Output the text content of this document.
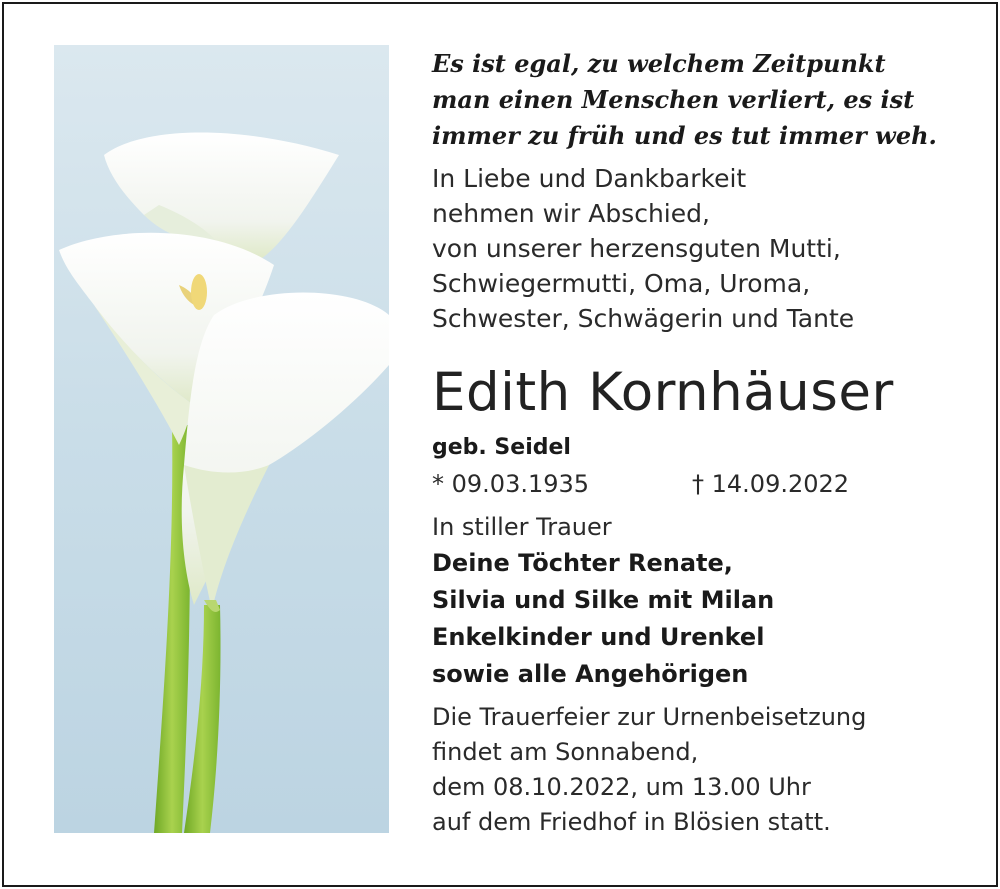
Es ist egal, zu welchem Zeitpunkt
man einen Menschen verliert, es ist
immer zu früh und es tut immer weh.
In Liebe und Dankbarkeit
nehmen wir Abschied,
von unserer herzensguten Mutti,
Schwiegermutti, Oma, Uroma,
Schwester, Schwägerin und Tante
Edith Kornhäuser
geb. Seidel
* 09.03.1935	† 14.09.2022
In stiller Trauer
Deine Töchter Renate,
Silvia und Silke mit Milan
Enkelkinder und Urenkel
sowie alle Angehörigen
Die Trauerfeier zur Urnenbeisetzung
findet am Sonnabend,
dem 08.10.2022, um 13.00 Uhr
auf dem Friedhof in Blösien statt.
